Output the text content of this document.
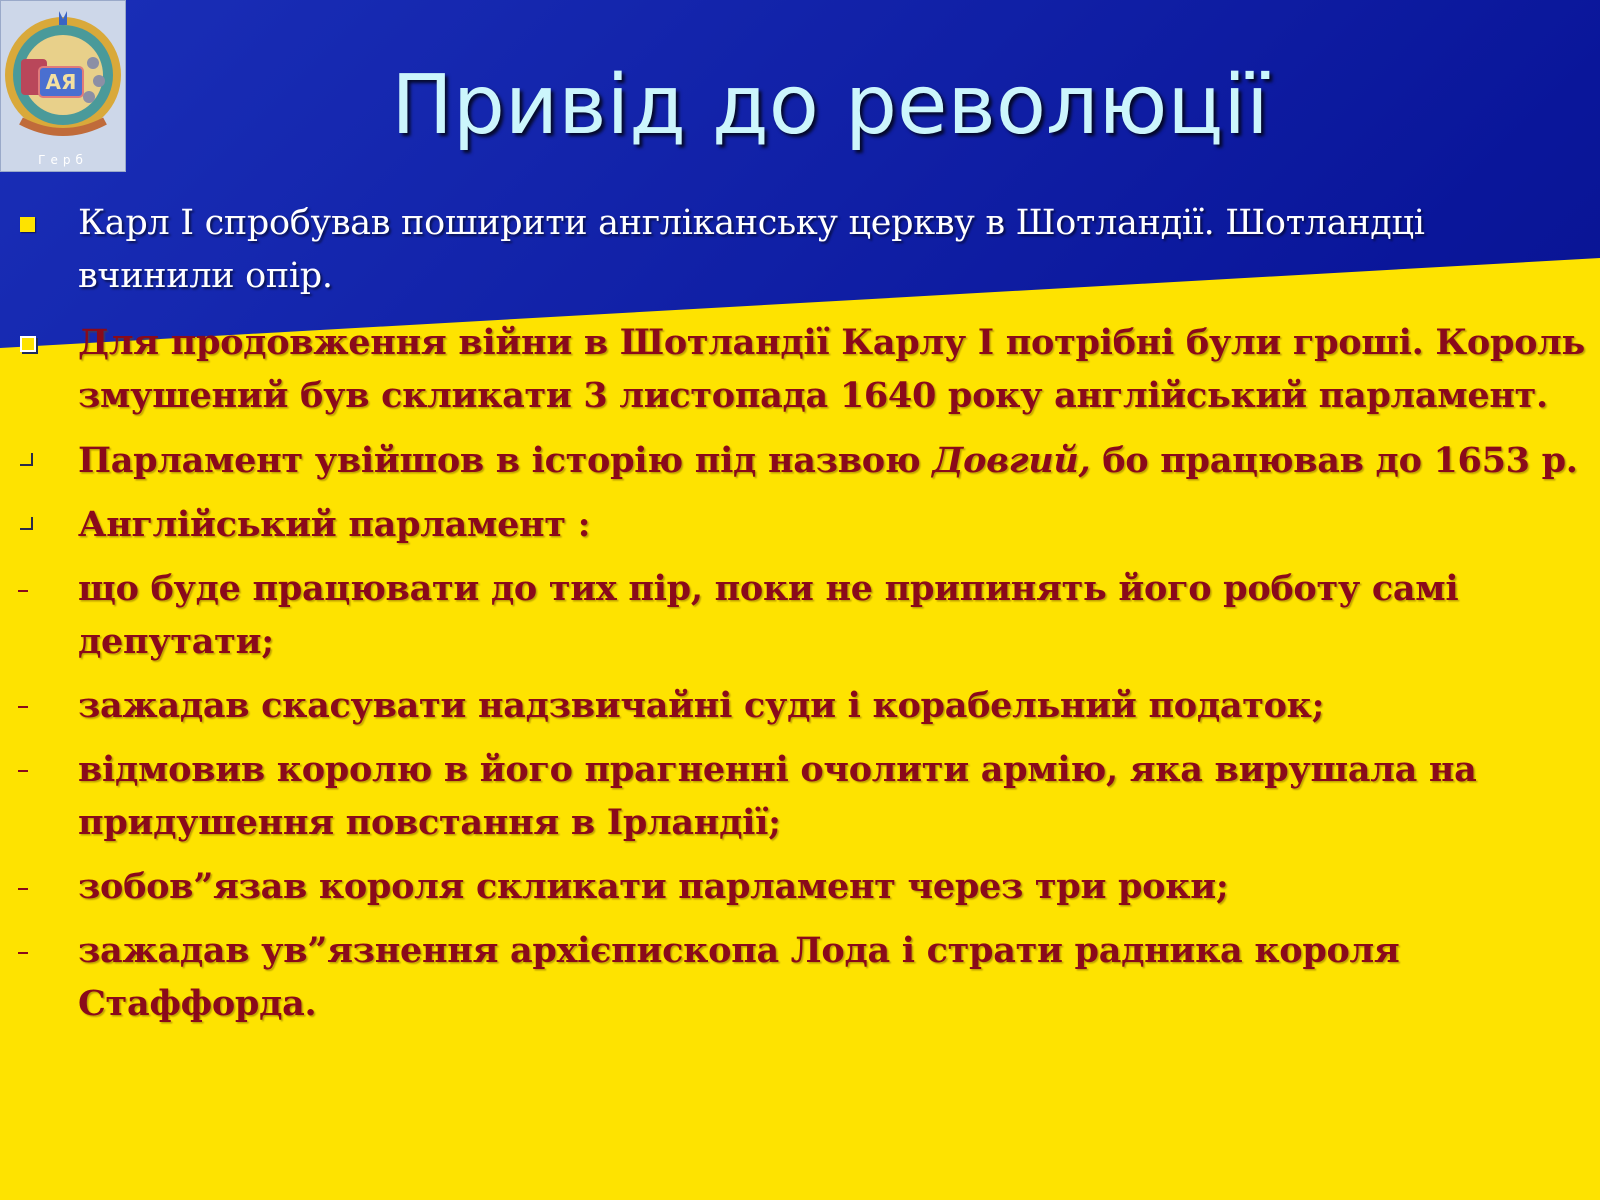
АЯ
Герб
Привід до революції
Карл I спробував поширити англіканську церкву в Шотландії. Шотландці
вчинили опір.
Для продовження війни в Шотландії Карлу I потрібні були гроші. Король
змушений був скликати 3 листопада 1640 року англійський парламент.
Парламент увійшов в історію під назвою Довгий, бо працював до 1653 р.
Англійський парламент :
що буде працювати до тих пір, поки не припинять його роботу самі
депутати;
зажадав скасувати надзвичайні суди і корабельний податок;
відмовив королю в його прагненні очолити армію, яка вирушала на
придушення повстання в Ірландії;
зобов”язав короля скликати парламент через три роки;
зажадав ув”язнення архієпископа Лода і страти радника короля
Стаффорда.
